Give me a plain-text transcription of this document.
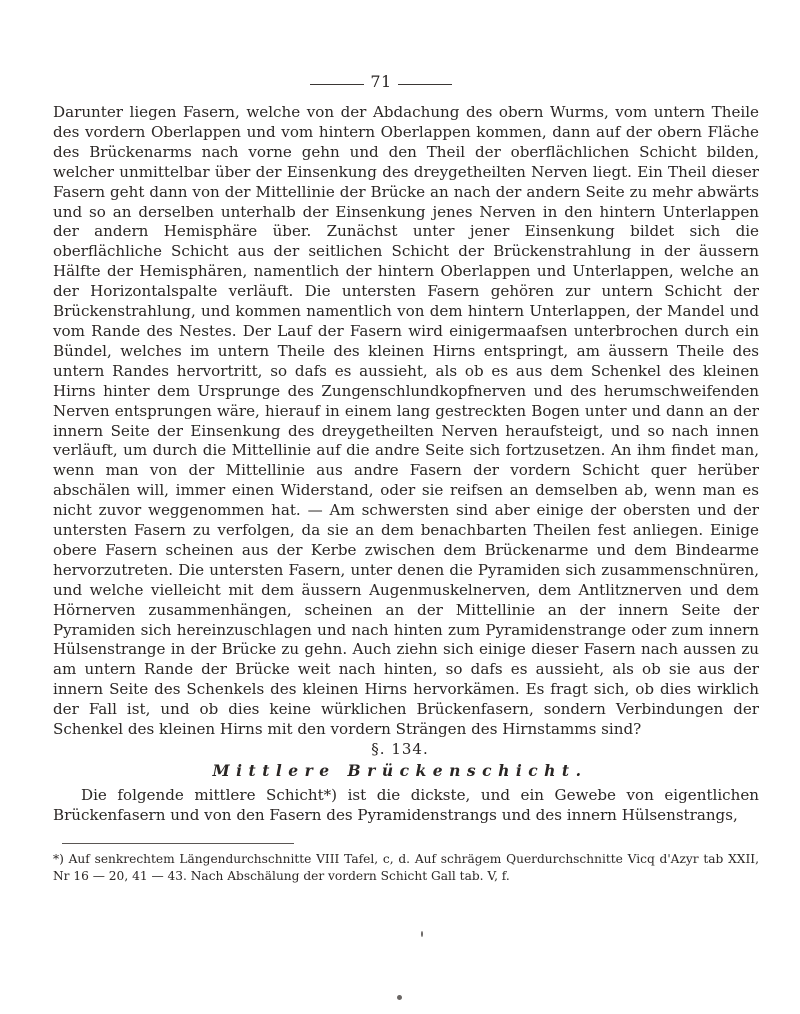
71

Darunter liegen Fasern, welche von der Abdachung des obern Wurms, vom untern Theile des vordern Oberlappen und vom hintern Oberlappen kommen, dann auf der obern Fläche des Brückenarms nach vorne gehn und den Theil der oberflächlichen Schicht bilden, welcher unmittelbar über der Einsenkung des dreygetheilten Nerven liegt. Ein Theil dieser Fasern geht dann von der Mittellinie der Brücke an nach der andern Seite zu mehr abwärts und so an derselben unterhalb der Einsenkung jenes Nerven in den hintern Unterlappen der andern Hemisphäre über. Zunächst unter jener Einsenkung bildet sich die oberflächliche Schicht aus der seitlichen Schicht der Brückenstrahlung in der äussern Hälfte der Hemisphären, namentlich der hintern Oberlappen und Unterlappen, welche an der Horizontalspalte verläuft. Die untersten Fasern gehören zur untern Schicht der Brückenstrahlung, und kommen namentlich von dem hintern Unterlappen, der Mandel und vom Rande des Nestes. Der Lauf der Fasern wird einigermaafsen unterbrochen durch ein Bündel, welches im untern Theile des kleinen Hirns entspringt, am äussern Theile des untern Randes hervortritt, so dafs es aussieht, als ob es aus dem Schenkel des kleinen Hirns hinter dem Ursprunge des Zungenschlundkopfnerven und des herumschweifenden Nerven entsprungen wäre, hierauf in einem lang gestreckten Bogen unter und dann an der innern Seite der Einsenkung des dreygetheilten Nerven heraufsteigt, und so nach innen verläuft, um durch die Mittellinie auf die andre Seite sich fortzusetzen. An ihm findet man, wenn man von der Mittellinie aus andre Fasern der vordern Schicht quer herüber abschälen will, immer einen Widerstand, oder sie reifsen an demselben ab, wenn man es nicht zuvor weggenommen hat. — Am schwersten sind aber einige der obersten und der untersten Fasern zu verfolgen, da sie an dem benachbarten Theilen fest anliegen. Einige obere Fasern scheinen aus der Kerbe zwischen dem Brückenarme und dem Bindearme hervorzutreten. Die untersten Fasern, unter denen die Pyramiden sich zusammenschnüren, und welche vielleicht mit dem äussern Augenmuskelnerven, dem Antlitznerven und dem Hörnerven zusammenhängen, scheinen an der Mittellinie an der innern Seite der Pyramiden sich hereinzuschlagen und nach hinten zum Pyramidenstrange oder zum innern Hülsenstrange in der Brücke zu gehn. Auch ziehn sich einige dieser Fasern nach aussen zu am untern Rande der Brücke weit nach hinten, so dafs es aussieht, als ob sie aus der innern Seite des Schenkels des kleinen Hirns hervorkämen. Es fragt sich, ob dies wirklich der Fall ist, und ob dies keine würklichen Brückenfasern, sondern Verbindungen der Schenkel des kleinen Hirns mit den vordern Strängen des Hirnstamms sind?

§. 134.
Mittlere Brückenschicht.

Die folgende mittlere Schicht*) ist die dickste, und ein Gewebe von eigentlichen Brückenfasern und von den Fasern des Pyramidenstrangs und des innern Hülsenstrangs,

*) Auf senkrechtem Längendurchschnitte VIII Tafel, c, d. Auf schrägem Querdurchschnitte Vicq d'Azyr tab XXII, Nr 16 — 20, 41 — 43. Nach Abschälung der vordern Schicht Gall tab. V, f.
